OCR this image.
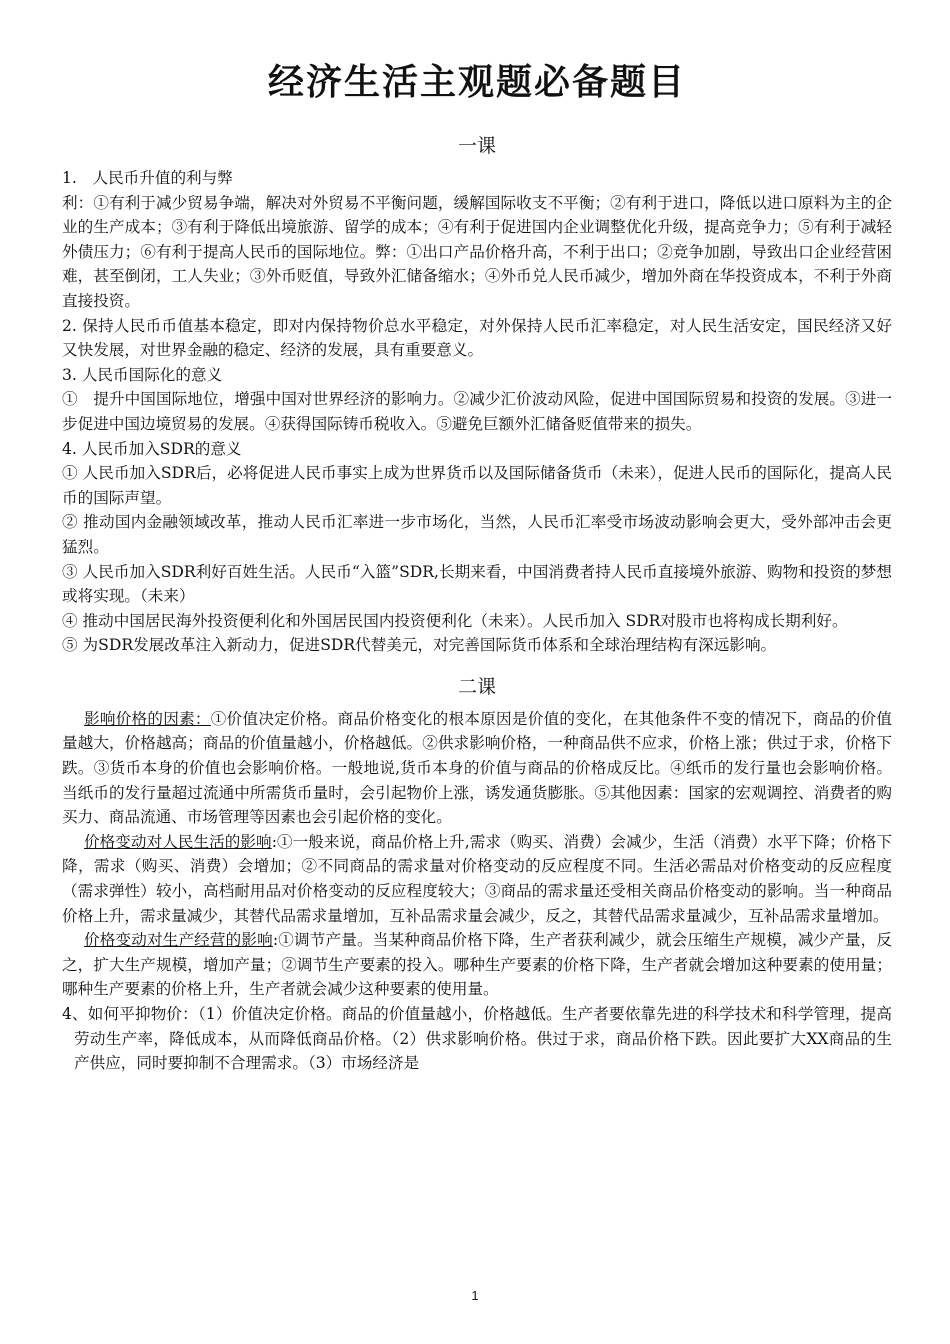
经济生活主观题必备题目
一课

1.　人民币升值的利与弊

利：①有利于减少贸易争端，解决对外贸易不平衡问题，缓解国际收支不平衡；②有利于进口，降低以进口原料为主的企业的生产成本；③有利于降低出境旅游、留学的成本；④有利于促进国内企业调整优化升级，提高竞争力；⑤有利于减轻外债压力；⑥有利于提高人民币的国际地位。弊：①出口产品价格升高，不利于出口；②竞争加剧，导致出口企业经营困难，甚至倒闭，工人失业；③外币贬值，导致外汇储备缩水；④外币兑人民币减少，增加外商在华投资成本，不利于外商直接投资。

2. 保持人民币币值基本稳定，即对内保持物价总水平稳定，对外保持人民币汇率稳定，对人民生活安定，国民经济又好又快发展，对世界金融的稳定、经济的发展，具有重要意义。

3. 人民币国际化的意义

①　提升中国国际地位，增强中国对世界经济的影响力。②减少汇价波动风险，促进中国国际贸易和投资的发展。③进一步促进中国边境贸易的发展。④获得国际铸币税收入。⑤避免巨额外汇储备贬值带来的损失。

4. 人民币加入SDR的意义

① 人民币加入SDR后，必将促进人民币事实上成为世界货币以及国际储备货币（未来），促进人民币的国际化，提高人民币的国际声望。

② 推动国内金融领域改革，推动人民币汇率进一步市场化，当然，人民币汇率受市场波动影响会更大，受外部冲击会更猛烈。

③ 人民币加入SDR利好百姓生活。人民币“入篮”SDR,长期来看，中国消费者持人民币直接境外旅游、购物和投资的梦想或将实现。（未来）

④ 推动中国居民海外投资便利化和外国居民国内投资便利化（未来）。人民币加入 SDR对股市也将构成长期利好。

⑤ 为SDR发展改革注入新动力，促进SDR代替美元，对完善国际货币体系和全球治理结构有深远影响。

二课

影响价格的因素：①价值决定价格。商品价格变化的根本原因是价值的变化，在其他条件不变的情况下，商品的价值量越大，价格越高；商品的价值量越小，价格越低。②供求影响价格，一种商品供不应求，价格上涨；供过于求，价格下跌。③货币本身的价值也会影响价格。一般地说,货币本身的价值与商品的价格成反比。④纸币的发行量也会影响价格。当纸币的发行量超过流通中所需货币量时，会引起物价上涨，诱发通货膨胀。⑤其他因素：国家的宏观调控、消费者的购买力、商品流通、市场管理等因素也会引起价格的变化。

价格变动对人民生活的影响:①一般来说，商品价格上升,需求（购买、消费）会减少，生活（消费）水平下降；价格下降，需求（购买、消费）会增加；②不同商品的需求量对价格变动的反应程度不同。生活必需品对价格变动的反应程度（需求弹性）较小，高档耐用品对价格变动的反应程度较大；③商品的需求量还受相关商品价格变动的影响。当一种商品价格上升，需求量减少，其替代品需求量增加，互补品需求量会减少，反之，其替代品需求量减少，互补品需求量增加。

价格变动对生产经营的影响:①调节产量。当某种商品价格下降，生产者获利减少，就会压缩生产规模，减少产量，反之，扩大生产规模，增加产量；②调节生产要素的投入。哪种生产要素的价格下降，生产者就会增加这种要素的使用量；哪种生产要素的价格上升，生产者就会减少这种要素的使用量。

4、如何平抑物价：（1）价值决定价格。商品的价值量越小，价格越低。生产者要依靠先进的科学技术和科学管理，提高劳动生产率，降低成本，从而降低商品价格。（2）供求影响价格。供过于求，商品价格下跌。因此要扩大XX商品的生产供应，同时要抑制不合理需求。（3）市场经济是

1
